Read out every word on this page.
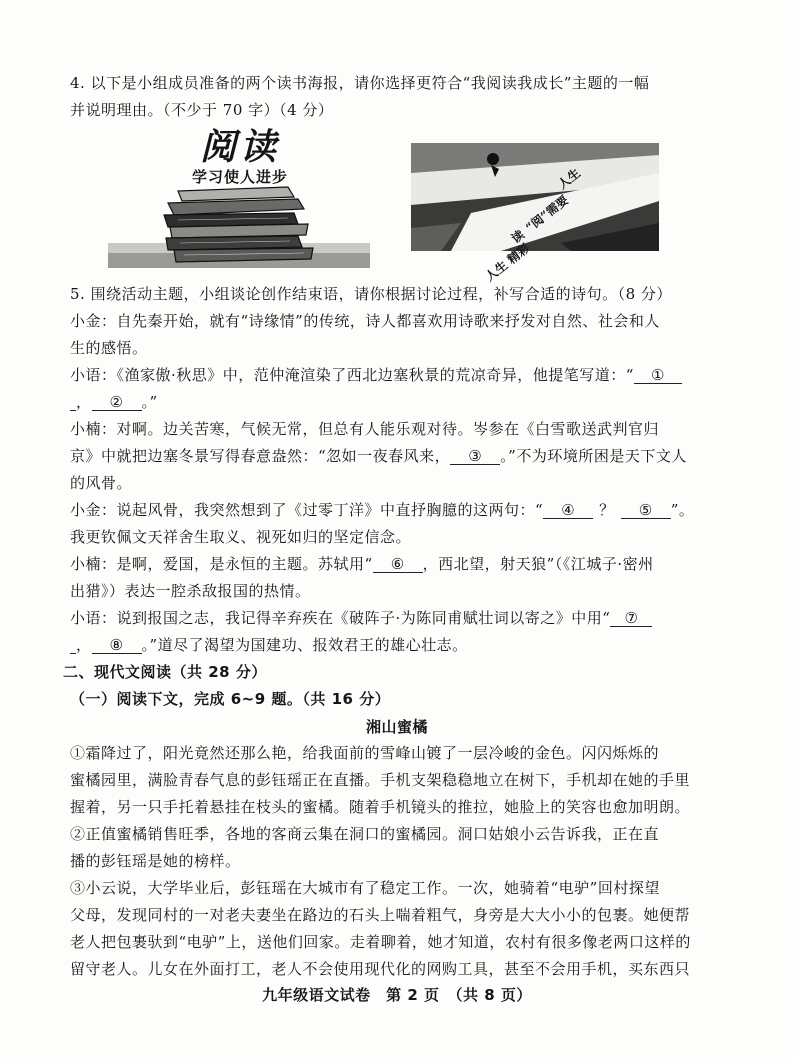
4. 以下是小组成员准备的两个读书海报，请你选择更符合“我阅读我成长”主题的一幅
并说明理由。（不少于 70 字）（4 分）
阅读
学习使人进步	人生
需要
“阅”
读
精彩
人生
5. 围绕活动主题，小组谈论创作结束语，请你根据讨论过程，补写合适的诗句。（8 分）
小金：自先秦开始，就有“诗缘情”的传统，诗人都喜欢用诗歌来抒发对自然、社会和人
生的感悟。
小语：《渔家傲·秋思》中，范仲淹渲染了西北边塞秋景的荒凉奇异，他提笔写道：“ ①
， ② 。”
小楠：对啊。边关苦寒，气候无常，但总有人能乐观对待。岑参在《白雪歌送武判官归
京》中就把边塞冬景写得春意盎然：“忽如一夜春风来， ③ 。”不为环境所困是天下文人
的风骨。
小金：说起风骨，我突然想到了《过零丁洋》中直抒胸臆的这两句：“ ④ ？ ⑤ ”。
我更钦佩文天祥舍生取义、视死如归的坚定信念。
小楠：是啊，爱国，是永恒的主题。苏轼用“ ⑥ ，西北望，射天狼”（《江城子·密州
出猎》）表达一腔杀敌报国的热情。
小语：说到报国之志，我记得辛弃疾在《破阵子·为陈同甫赋壮词以寄之》中用“ ⑦
， ⑧ 。”道尽了渴望为国建功、报效君王的雄心壮志。
二、现代文阅读（共 28 分）
（一）阅读下文，完成 6~9 题。（共 16 分）
湘山蜜橘
①霜降过了，阳光竟然还那么艳，给我面前的雪峰山镀了一层冷峻的金色。闪闪烁烁的
蜜橘园里，满脸青春气息的彭钰瑶正在直播。手机支架稳稳地立在树下，手机却在她的手里
握着，另一只手托着悬挂在枝头的蜜橘。随着手机镜头的推拉，她脸上的笑容也愈加明朗。
②正值蜜橘销售旺季，各地的客商云集在洞口的蜜橘园。洞口姑娘小云告诉我，正在直
播的彭钰瑶是她的榜样。
③小云说，大学毕业后，彭钰瑶在大城市有了稳定工作。一次，她骑着“电驴”回村探望
父母，发现同村的一对老夫妻坐在路边的石头上喘着粗气，身旁是大大小小的包裹。她便帮
老人把包裹驮到“电驴”上，送他们回家。走着聊着，她才知道，农村有很多像老两口这样的
留守老人。儿女在外面打工，老人不会使用现代化的网购工具，甚至不会用手机，买东西只
九年级语文试卷　第 2 页　（共 8 页）
